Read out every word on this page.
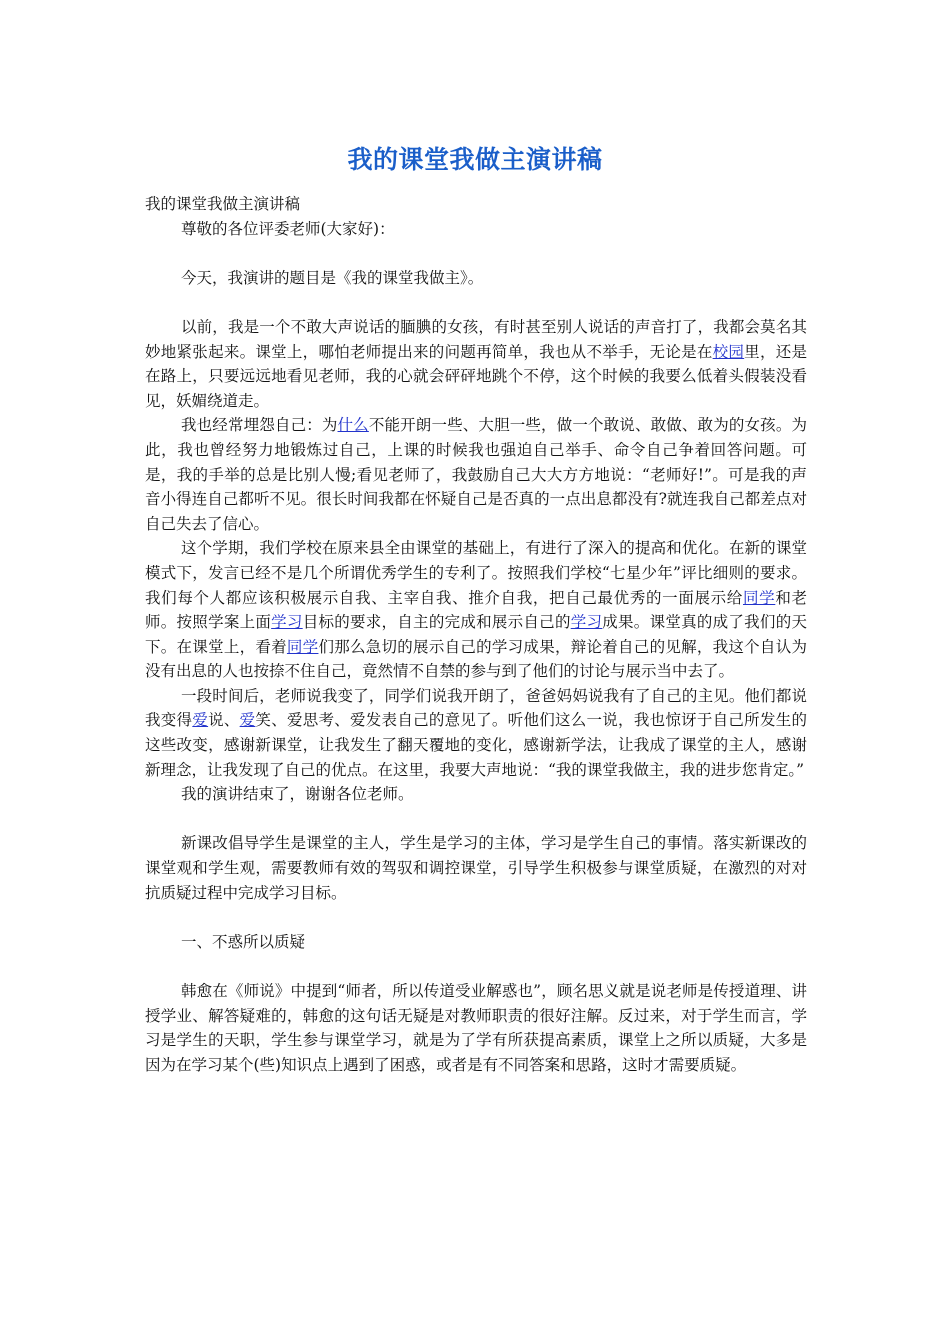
我的课堂我做主演讲稿

我的课堂我做主演讲稿

尊敬的各位评委老师(大家好)：

今天，我演讲的题目是《我的课堂我做主》。

以前，我是一个不敢大声说话的腼腆的女孩，有时甚至别人说话的声音打了，我都会莫名其妙地紧张起来。课堂上，哪怕老师提出来的问题再简单，我也从不举手，无论是在校园里，还是在路上，只要远远地看见老师，我的心就会砰砰地跳个不停，这个时候的我要么低着头假装没看见，妖媚绕道走。

我也经常埋怨自己：为什么不能开朗一些、大胆一些，做一个敢说、敢做、敢为的女孩。为此，我也曾经努力地锻炼过自己，上课的时候我也强迫自己举手、命令自己争着回答问题。可是，我的手举的总是比别人慢;看见老师了，我鼓励自己大大方方地说：“老师好!”。可是我的声音小得连自己都听不见。很长时间我都在怀疑自己是否真的一点出息都没有?就连我自己都差点对自己失去了信心。

这个学期，我们学校在原来县全由课堂的基础上，有进行了深入的提高和优化。在新的课堂模式下，发言已经不是几个所谓优秀学生的专利了。按照我们学校“七星少年”评比细则的要求。我们每个人都应该积极展示自我、主宰自我、推介自我，把自己最优秀的一面展示给同学和老师。按照学案上面学习目标的要求，自主的完成和展示自己的学习成果。课堂真的成了我们的天下。在课堂上，看着同学们那么急切的展示自己的学习成果，辩论着自己的见解，我这个自认为没有出息的人也按捺不住自己，竟然情不自禁的参与到了他们的讨论与展示当中去了。

一段时间后，老师说我变了，同学们说我开朗了，爸爸妈妈说我有了自己的主见。他们都说我变得爱说、爱笑、爱思考、爱发表自己的意见了。听他们这么一说，我也惊讶于自己所发生的这些改变，感谢新课堂，让我发生了翻天覆地的变化，感谢新学法，让我成了课堂的主人，感谢新理念，让我发现了自己的优点。在这里，我要大声地说：“我的课堂我做主，我的进步您肯定。”

我的演讲结束了，谢谢各位老师。

新课改倡导学生是课堂的主人，学生是学习的主体，学习是学生自己的事情。落实新课改的课堂观和学生观，需要教师有效的驾驭和调控课堂，引导学生积极参与课堂质疑，在激烈的对对抗质疑过程中完成学习目标。

一、不惑所以质疑

韩愈在《师说》中提到“师者，所以传道受业解惑也”，顾名思义就是说老师是传授道理、讲授学业、解答疑难的，韩愈的这句话无疑是对教师职责的很好注解。反过来，对于学生而言，学习是学生的天职，学生参与课堂学习，就是为了学有所获提高素质，课堂上之所以质疑，大多是因为在学习某个(些)知识点上遇到了困惑，或者是有不同答案和思路，这时才需要质疑。
